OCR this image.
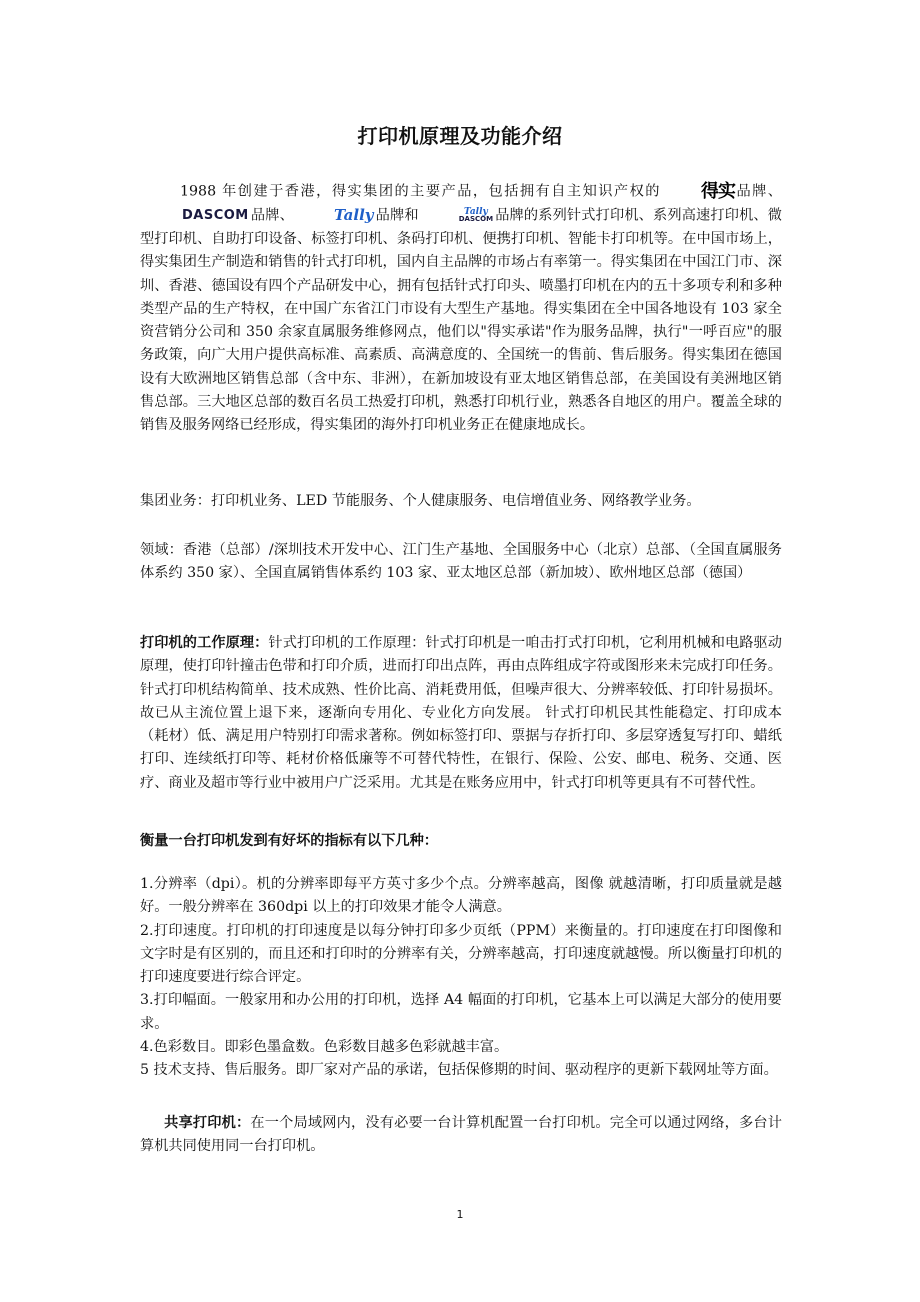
打印机原理及功能介绍

1988 年创建于香港，得实集团的主要产品，包括拥有自主知识产权的 得实品牌、DASCOM 品牌、	Tally 品牌和	Tally
DASCOM 品牌的系列针式打印机、系列高速打印机、微型打印机、自助打印设备、标签打印机、条码打印机、便携打印机、智能卡打印机等。在中国市场上，得实集团生产制造和销售的针式打印机，国内自主品牌的市场占有率第一。得实集团在中国江门市、深圳、香港、德国设有四个产品研发中心，拥有包括针式打印头、喷墨打印机在内的五十多项专利和多种类型产品的生产特权，在中国广东省江门市设有大型生产基地。得实集团在全中国各地设有 103 家全资营销分公司和 350 余家直属服务维修网点，他们以"得实承诺"作为服务品牌，执行"一呼百应"的服务政策，向广大用户提供高标准、高素质、高满意度的、全国统一的售前、售后服务。得实集团在德国设有大欧洲地区销售总部（含中东、非洲），在新加坡设有亚太地区销售总部，在美国设有美洲地区销售总部。三大地区总部的数百名员工热爱打印机，熟悉打印机行业，熟悉各自地区的用户。覆盖全球的销售及服务网络已经形成，得实集团的海外打印机业务正在健康地成长。

集团业务：打印机业务、LED 节能服务、个人健康服务、电信增值业务、网络教学业务。

领域：香港（总部）/深圳技术开发中心、江门生产基地、全国服务中心（北京）总部、（全国直属服务体系约 350 家）、全国直属销售体系约 103 家、亚太地区总部（新加坡）、欧州地区总部（德国）

打印机的工作原理：针式打印机的工作原理：针式打印机是一咱击打式打印机，它利用机械和电路驱动原理，使打印针撞击色带和打印介质，进而打印出点阵，再由点阵组成字符或图形来未完成打印任务。针式打印机结构简单、技术成熟、性价比高、消耗费用低，但噪声很大、分辨率较低、打印针易损坏。故已从主流位置上退下来，逐渐向专用化、专业化方向发展。 针式打印机民其性能稳定、打印成本（耗材）低、满足用户特别打印需求著称。例如标签打印、票据与存折打印、多层穿透复写打印、蜡纸打印、连续纸打印等、耗材价格低廉等不可替代特性，在银行、保险、公安、邮电、税务、交通、医疗、商业及超市等行业中被用户广泛采用。尤其是在账务应用中，针式打印机等更具有不可替代性。

衡量一台打印机发到有好坏的指标有以下几种：

1.分辨率（dpi）。机的分辨率即每平方英寸多少个点。分辨率越高，图像 就越清晰，打印质量就是越好。一般分辨率在 360dpi 以上的打印效果才能令人满意。
2.打印速度。打印机的打印速度是以每分钟打印多少页纸（PPM）来衡量的。打印速度在打印图像和文字时是有区别的，而且还和打印时的分辨率有关，分辨率越高，打印速度就越慢。所以衡量打印机的打印速度要进行综合评定。
3.打印幅面。一般家用和办公用的打印机，选择 A4 幅面的打印机，它基本上可以满足大部分的使用要求。
4.色彩数目。即彩色墨盒数。色彩数目越多色彩就越丰富。
5 技术支持、售后服务。即厂家对产品的承诺，包括保修期的时间、驱动程序的更新下载网址等方面。

共享打印机：在一个局域网内，没有必要一台计算机配置一台打印机。完全可以通过网络，多台计算机共同使用同一台打印机。

1
